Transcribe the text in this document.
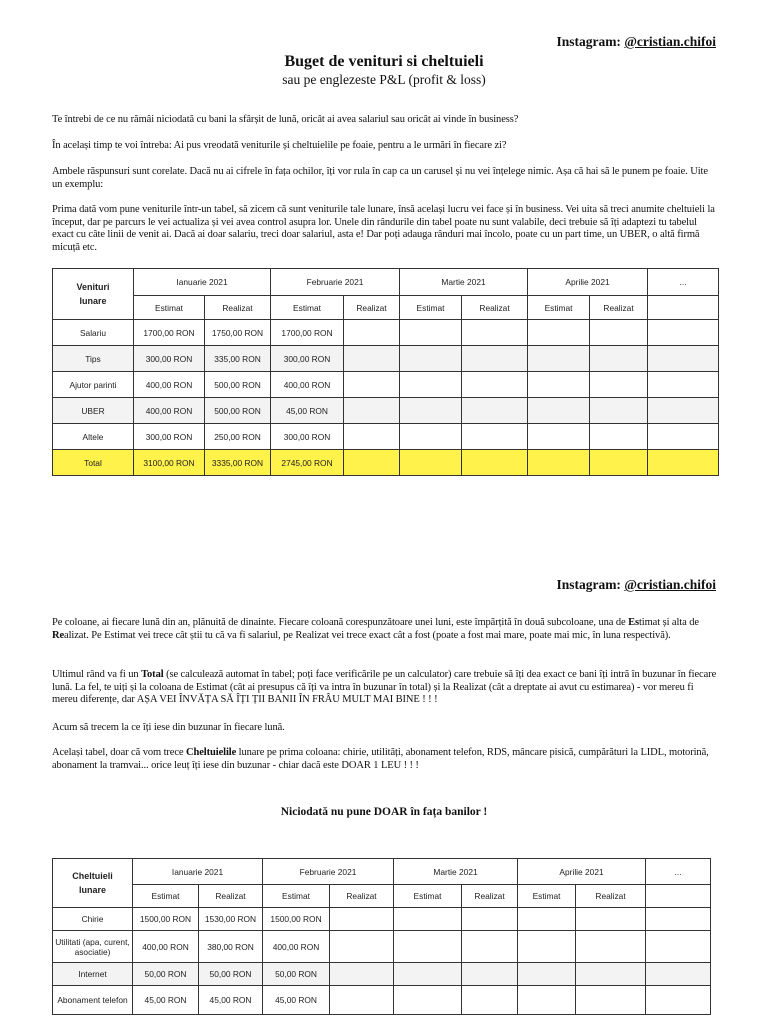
Instagram: @cristian.chifoi
Buget de venituri si cheltuieli
sau pe englezeste P&L (profit & loss)
Te întrebi de ce nu rămâi niciodată cu bani la sfârșit de lună, oricât ai avea salariul sau oricât ai vinde în business?
În același timp te voi întreba: Ai pus vreodată veniturile și cheltuielile pe foaie, pentru a le urmări în fiecare zi?
Ambele răspunsuri sunt corelate. Dacă nu ai cifrele în fața ochilor, îți vor rula în cap ca un carusel și nu vei înțelege nimic. Așa că hai să le punem pe foaie. Uite un exemplu:
Prima dată vom pune veniturile într-un tabel, să zicem că sunt veniturile tale lunare, însă același lucru vei face și în business. Vei uita să treci anumite cheltuieli la început, dar pe parcurs le vei actualiza și vei avea control asupra lor. Unele din rândurile din tabel poate nu sunt valabile, deci trebuie să îți adaptezi tu tabelul exact cu câte linii de venit ai. Dacă ai doar salariu, treci doar salariul, asta e! Dar poți adauga rânduri mai încolo, poate cu un part time, un UBER, o altă firmă micuță etc.
Venituri
lunare	Ianuarie 2021		Februarie 2021		Martie 2021		Aprilie 2021		...
	Estimat	Realizat	Estimat	Realizat	Estimat	Realizat	Estimat	Realizat	
Salariu	1700,00 RON	1750,00 RON	1700,00 RON						
Tips	300,00 RON	335,00 RON	300,00 RON						
Ajutor parinti	400,00 RON	500,00 RON	400,00 RON						
UBER	400,00 RON	500,00 RON	45,00 RON						
Altele	300,00 RON	250,00 RON	300,00 RON						
Total	3100,00 RON	3335,00 RON	2745,00 RON						
Instagram: @cristian.chifoi
Pe coloane, ai fiecare lună din an, plănuită de dinainte. Fiecare coloană corespunzătoare unei luni, este împărțită în două subcoloane, una de Estimat și alta de Realizat. Pe Estimat vei trece cât știi tu că va fi salariul, pe Realizat vei trece exact cât a fost (poate a fost mai mare, poate mai mic, în luna respectivă).
Ultimul rând va fi un Total (se calculează automat în tabel; poți face verificările pe un calculator) care trebuie să îți dea exact ce bani îți intră în buzunar în fiecare lună. La fel, te uiți și la coloana de Estimat (cât ai presupus că îți va intra în buzunar în total) și la Realizat (cât a dreptate ai avut cu estimarea) - vor mereu fi mereu diferențe, dar AȘA VEI ÎNVĂȚA SĂ ÎȚI ȚII BANII ÎN FRÂU MULT MAI BINE ! ! !
Acum să trecem la ce îți iese din buzunar în fiecare lună.
Același tabel, doar că vom trece Cheltuielile lunare pe prima coloana: chirie, utilități, abonament telefon, RDS, mâncare pisică, cumpărături la LIDL, motorină, abonament la tramvai... orice leuț îți iese din buzunar - chiar dacă este DOAR 1 LEU ! ! !
Niciodată nu pune DOAR în fața banilor !
Cheltuieli
lunare	Ianuarie 2021		Februarie 2021		Martie 2021		Aprilie 2021		...
	Estimat	Realizat	Estimat	Realizat	Estimat	Realizat	Estimat	Realizat	
Chirie	1500,00 RON	1530,00 RON	1500,00 RON						
Utilitati (apa, curent, asociatie)	400,00 RON	380,00 RON	400,00 RON						
Internet	50,00 RON	50,00 RON	50,00 RON						
Abonament telefon	45,00 RON	45,00 RON	45,00 RON						
